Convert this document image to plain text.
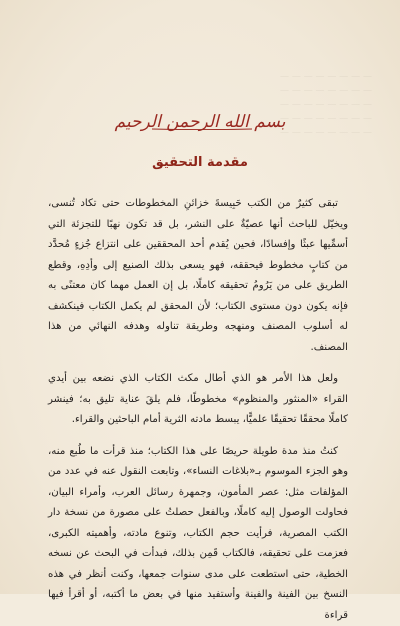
— — — — — — — —
— — — — — — — —
— — — — — — — —
— — — — — — — —
— — — — — — — —
بسم الله الرحمن الرحيم
مقدمة التحقيق

تبقى كثيرٌ من الكتب حَبِيسةَ خزائنِ المخطوطات حتى تكاد تُنسى، ويخيّل للباحث أنها عصيّةٌ على النشر، بل قد تكون نهبًا للتجزئة التي أسمِّيها عبثًا وإفسادًا، فحين يُقدم أحد المحققين على انتزاع جُزءٍ مُحدَّد من كتابٍ مخطوط فيحققه، فهو يسعى بذلك الصنيع إلى وأدِهِ، وقطع الطريق على من يَرُومُ تحقيقه كاملًا، بل إن العمل مهما كان معتنًى به فإنه يكون دون مستوى الكتاب؛ لأن المحقق لم يكمل الكتاب فينكشف له أسلوب المصنف ومنهجه وطريقة تناوله وهدفه النهائي من هذا المصنف.

ولعل هذا الأمر هو الذي أطال مكث الكتاب الذي نضعه بين أيدي القراء «المنثور والمنظوم» مخطوطًا، فلم يلقَ عناية تليق به؛ فينشر كاملًا محققًا تحقيقًا علميًّا، يبسط مادته الثرية أمام الباحثين والقراء.

كنتُ منذ مدة طويلة حريصًا على هذا الكتاب؛ منذ قرأت ما طُبع منه، وهو الجزء الموسوم بـ«بلاغات النساء»، وتابعت النقول عنه في عدد من المؤلفات مثل: عصر المأمون، وجمهرة رسائل العرب، وأمراء البيان، فحاولت الوصول إليه كاملًا، وبالفعل حصلتُ على مصورة من نسخة دار الكتب المصرية، فرأيت حجم الكتاب، وتنوع مادته، وأهميته الكبرى، فعزمت على تحقيقه، فالكتاب قَمِن بذلك، فبدأت في البحث عن نسخه الخطية، حتى استطعت على مدى سنوات جمعها، وكنت أنظر في هذه النسخ بين الفينة والفينة وأستفيد منها في بعض ما أكتبه، أو أقرأ فيها قراءة
